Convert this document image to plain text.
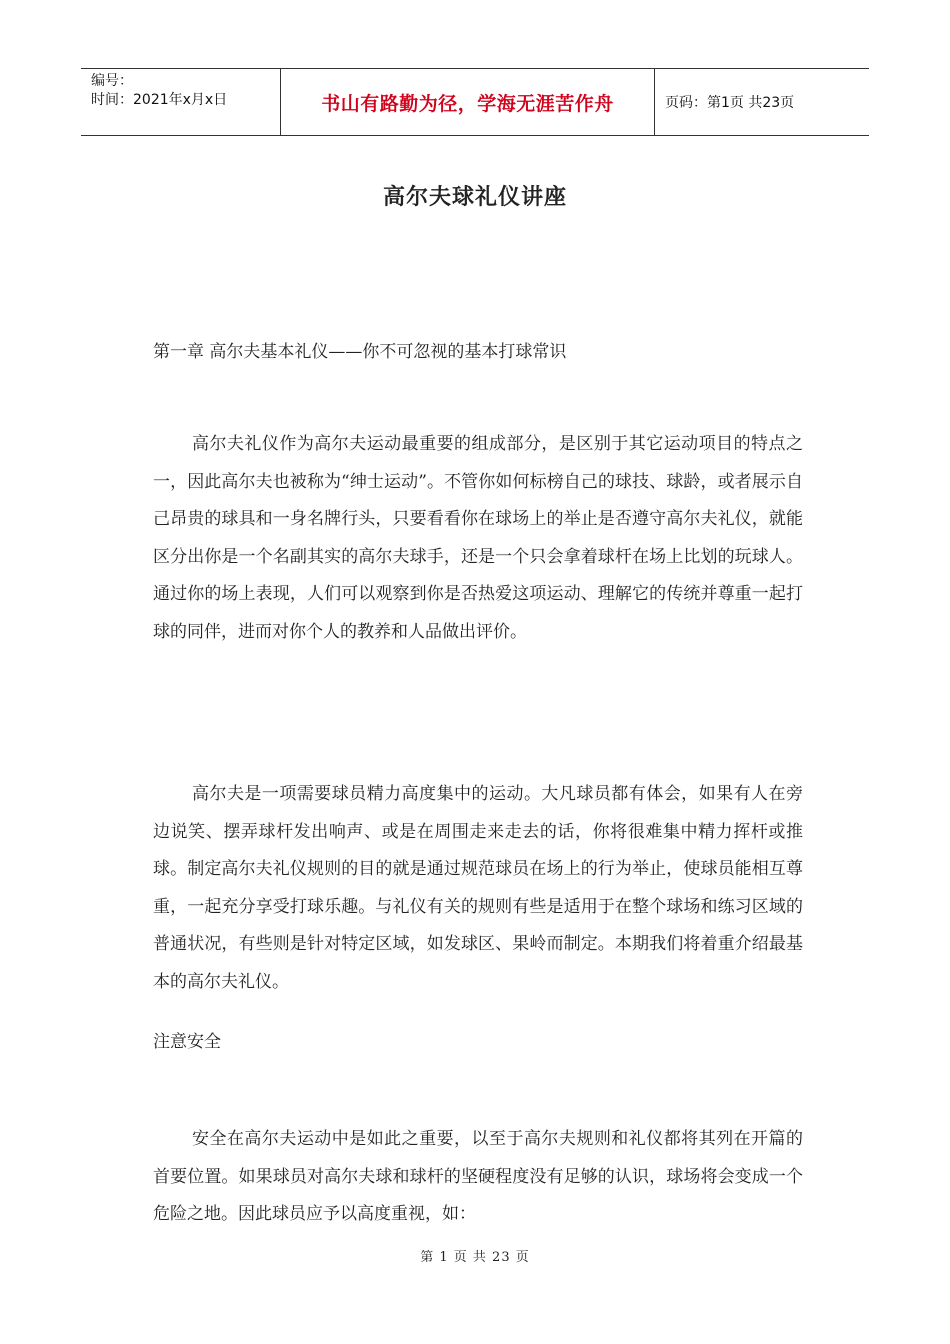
编号：
时间：2021年x月x日	书山有路勤为径，学海无涯苦作舟	页码：第1页 共23页
高尔夫球礼仪讲座

第一章 高尔夫基本礼仪——你不可忽视的基本打球常识

高尔夫礼仪作为高尔夫运动最重要的组成部分，是区别于其它运动项目的特点之一，因此高尔夫也被称为“绅士运动”。不管你如何标榜自己的球技、球龄，或者展示自己昂贵的球具和一身名牌行头，只要看看你在球场上的举止是否遵守高尔夫礼仪，就能区分出你是一个名副其实的高尔夫球手，还是一个只会拿着球杆在场上比划的玩球人。通过你的场上表现，人们可以观察到你是否热爱这项运动、理解它的传统并尊重一起打球的同伴，进而对你个人的教养和人品做出评价。

高尔夫是一项需要球员精力高度集中的运动。大凡球员都有体会，如果有人在旁边说笑、摆弄球杆发出响声、或是在周围走来走去的话，你将很难集中精力挥杆或推球。制定高尔夫礼仪规则的目的就是通过规范球员在场上的行为举止，使球员能相互尊重，一起充分享受打球乐趣。与礼仪有关的规则有些是适用于在整个球场和练习区域的普通状况，有些则是针对特定区域，如发球区、果岭而制定。本期我们将着重介绍最基本的高尔夫礼仪。

注意安全

安全在高尔夫运动中是如此之重要，以至于高尔夫规则和礼仪都将其列在开篇的首要位置。如果球员对高尔夫球和球杆的坚硬程度没有足够的认识，球场将会变成一个危险之地。因此球员应予以高度重视，如：

第 1 页 共 23 页
